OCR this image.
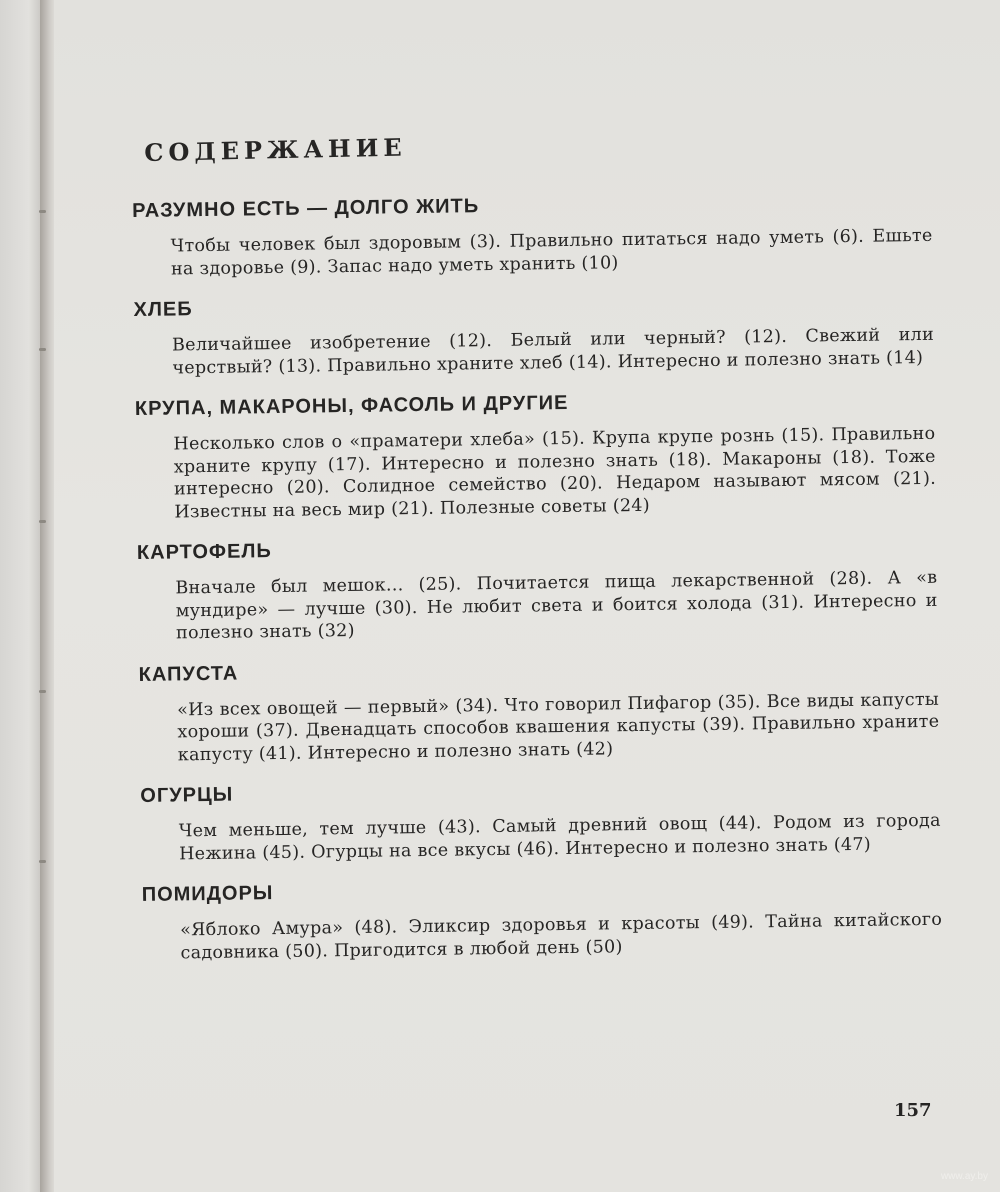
СОДЕРЖАНИЕ
РАЗУМНО ЕСТЬ — ДОЛГО ЖИТЬ

Чтобы человек был здоровым (3). Правильно питаться надо уметь (6). Ешьте на здоровье (9). Запас надо уметь хранить (10)

ХЛЕБ

Величайшее изобретение (12). Белый или черный? (12). Свежий или черствый? (13). Правильно храните хлеб (14). Интересно и полезно знать (14)

КРУПА, МАКАРОНЫ, ФАСОЛЬ И ДРУГИЕ

Несколько слов о «праматери хлеба» (15). Крупа крупе рознь (15). Правильно храните крупу (17). Интересно и полезно знать (18). Макароны (18). Тоже интересно (20). Солидное семейство (20). Недаром называют мясом (21). Известны на весь мир (21). Полезные советы (24)

КАРТОФЕЛЬ

Вначале был мешок... (25). Почитается пища лекарственной (28). А «в мундире» — лучше (30). Не любит света и боится холода (31). Интересно и полезно знать (32)

КАПУСТА

«Из всех овощей — первый» (34). Что говорил Пифагор (35). Все виды капусты хороши (37). Двенадцать способов квашения капусты (39). Правильно храните капусту (41). Интересно и полезно знать (42)

ОГУРЦЫ

Чем меньше, тем лучше (43). Самый древний овощ (44). Родом из города Нежина (45). Огурцы на все вкусы (46). Интересно и полезно знать (47)

ПОМИДОРЫ

«Яблоко Амура» (48). Эликсир здоровья и красоты (49). Тайна китайского садовника (50). Пригодится в любой день (50)

157
www.ay.by
